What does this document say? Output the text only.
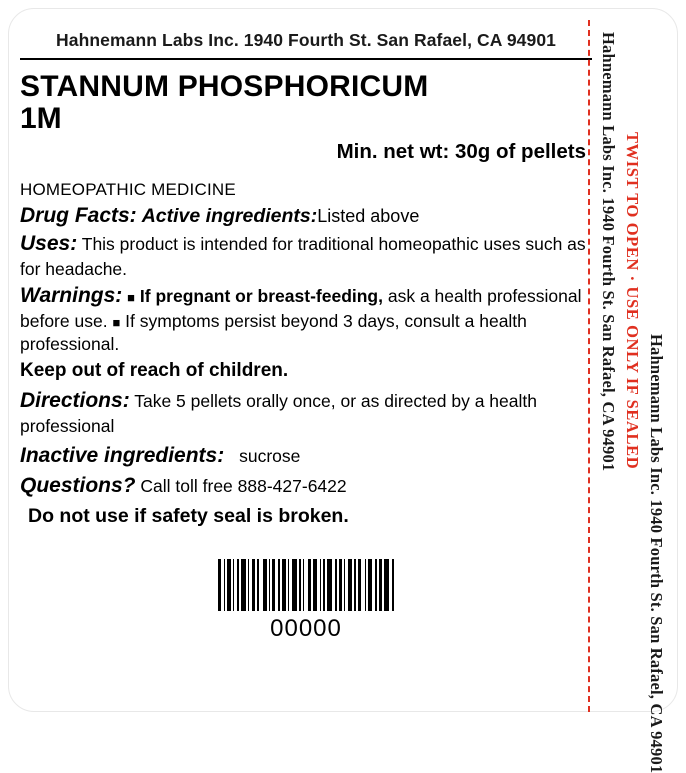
Hahnemann Labs Inc. 1940 Fourth St. San Rafael, CA 94901
STANNUM PHOSPHORICUM
1M
Min. net wt: 30g of pellets
HOMEOPATHIC MEDICINE
Drug Facts: Active ingredients:Listed above
Uses: This product is intended for traditional homeopathic uses such as for headache.
Warnings: ■ If pregnant or breast-feeding, ask a health professional before use. ■ If symptoms persist beyond 3 days, consult a health professional.
Keep out of reach of children.
Directions: Take 5 pellets orally once, or as directed by a health professional
Inactive ingredients: sucrose
Questions? Call toll free 888-427-6422
Do not use if safety seal is broken.

00000
Hahnemann Labs Inc. 1940 Fourth St. San Rafael, CA 94901 TWIST TO OPEN · USE ONLY IF SEALED
Hahnemann Labs Inc. 1940 Fourth St. San Rafael, CA 94901
